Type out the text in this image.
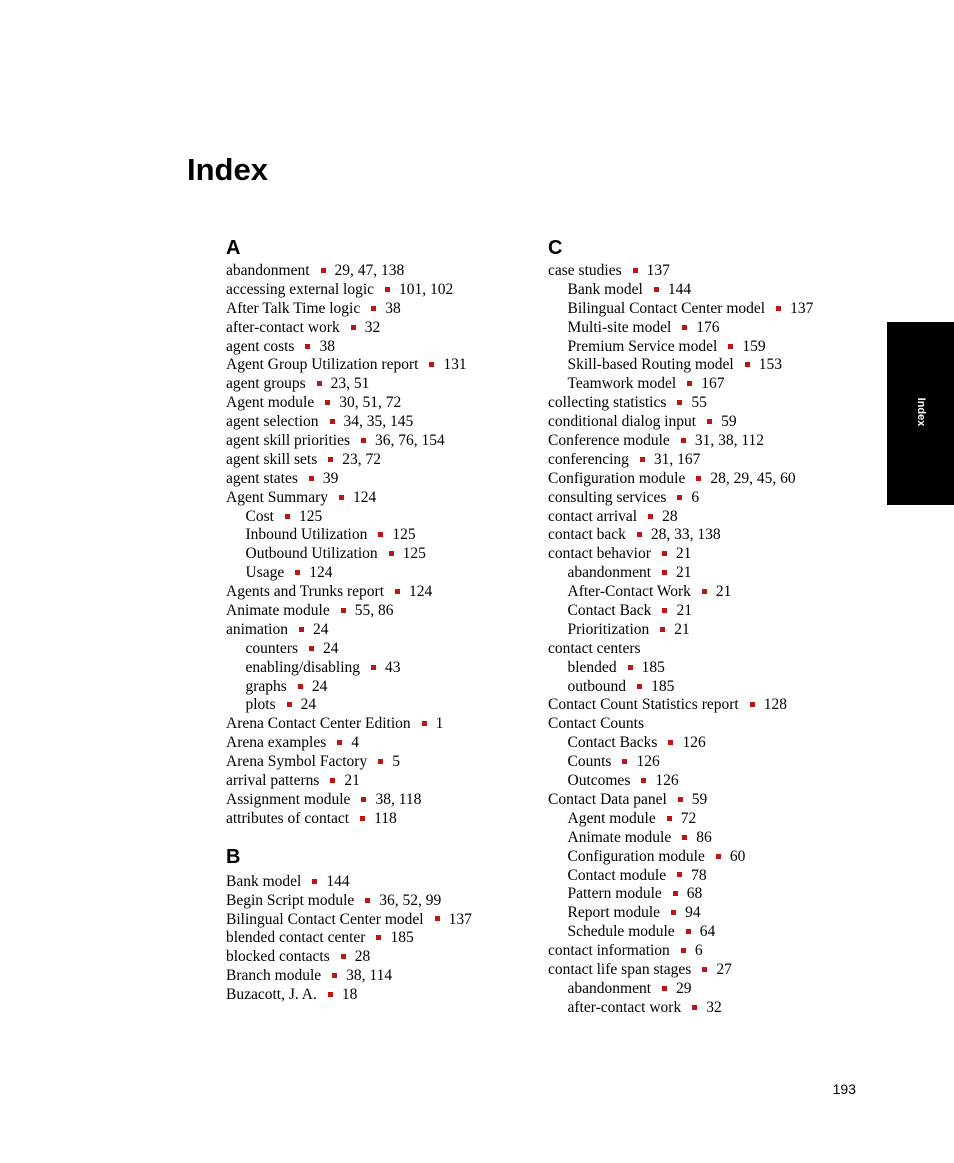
Index
A
abandonment 29, 47, 138
accessing external logic 101, 102
After Talk Time logic 38
after-contact work 32
agent costs 38
Agent Group Utilization report 131
agent groups 23, 51
Agent module 30, 51, 72
agent selection 34, 35, 145
agent skill priorities 36, 76, 154
agent skill sets 23, 72
agent states 39
Agent Summary 124
Cost 125
Inbound Utilization 125
Outbound Utilization 125
Usage 124
Agents and Trunks report 124
Animate module 55, 86
animation 24
counters 24
enabling/disabling 43
graphs 24
plots 24
Arena Contact Center Edition 1
Arena examples 4
Arena Symbol Factory 5
arrival patterns 21
Assignment module 38, 118
attributes of contact 118
B
Bank model 144
Begin Script module 36, 52, 99
Bilingual Contact Center model 137
blended contact center 185
blocked contacts 28
Branch module 38, 114
Buzacott, J. A. 18
C
case studies 137
Bank model 144
Bilingual Contact Center model 137
Multi-site model 176
Premium Service model 159
Skill-based Routing model 153
Teamwork model 167
collecting statistics 55
conditional dialog input 59
Conference module 31, 38, 112
conferencing 31, 167
Configuration module 28, 29, 45, 60
consulting services 6
contact arrival 28
contact back 28, 33, 138
contact behavior 21
abandonment 21
After-Contact Work 21
Contact Back 21
Prioritization 21
contact centers
blended 185
outbound 185
Contact Count Statistics report 128
Contact Counts
Contact Backs 126
Counts 126
Outcomes 126
Contact Data panel 59
Agent module 72
Animate module 86
Configuration module 60
Contact module 78
Pattern module 68
Report module 94
Schedule module 64
contact information 6
contact life span stages 27
abandonment 29
after-contact work 32
Index
193
